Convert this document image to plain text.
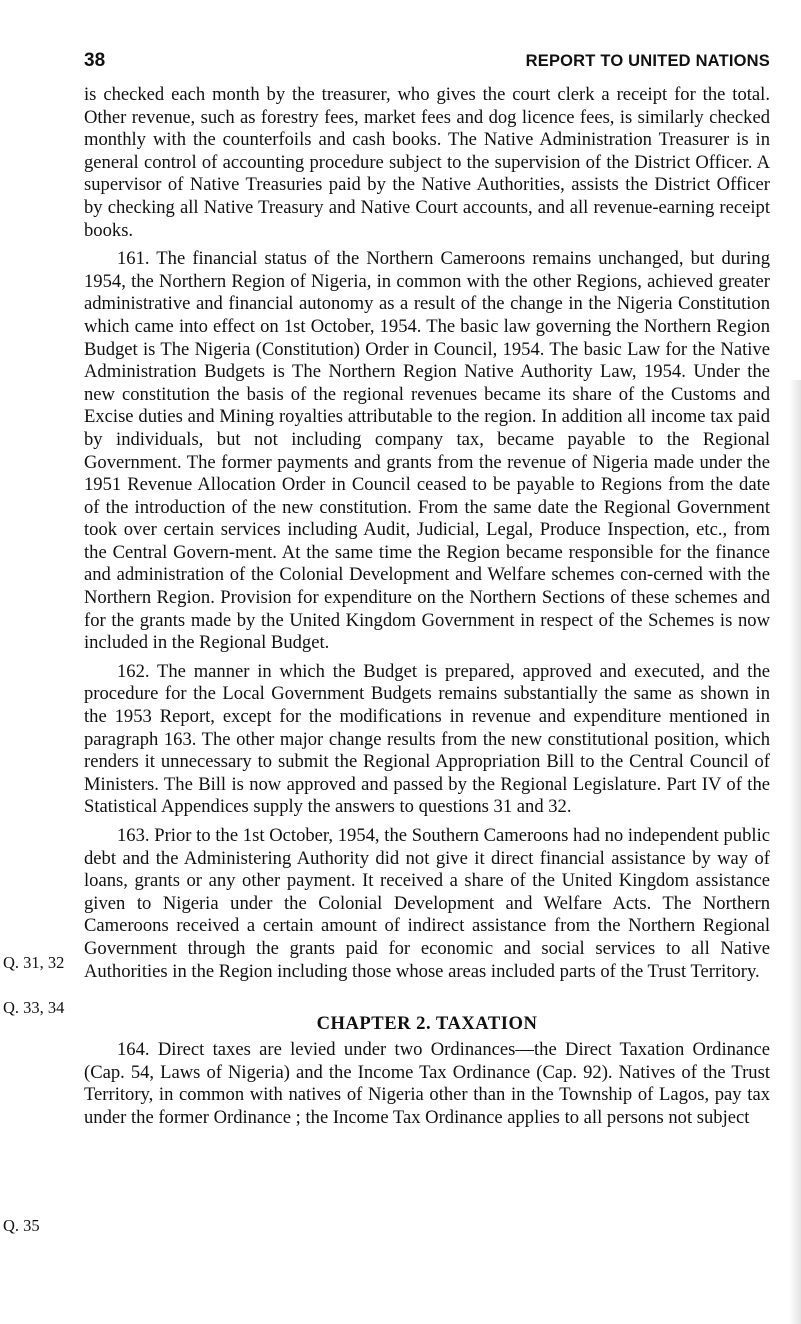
38	REPORT TO UNITED NATIONS
Q. 31, 32
Q. 33, 34
Q. 35

is checked each month by the treasurer, who gives the court clerk a receipt for the total. Other revenue, such as forestry fees, market fees and dog licence fees, is similarly checked monthly with the counterfoils and cash books. The Native Administration Treasurer is in general control of accounting procedure subject to the supervision of the District Officer. A supervisor of Native Treasuries paid by the Native Authorities, assists the District Officer by checking all Native Treasury and Native Court accounts, and all revenue-earning receipt books.

161. The financial status of the Northern Cameroons remains unchanged, but during 1954, the Northern Region of Nigeria, in common with the other Regions, achieved greater administrative and financial autonomy as a result of the change in the Nigeria Constitution which came into effect on 1st October, 1954. The basic law governing the Northern Region Budget is The Nigeria (Constitution) Order in Council, 1954. The basic Law for the Native Administration Budgets is The Northern Region Native Authority Law, 1954. Under the new constitution the basis of the regional revenues became its share of the Customs and Excise duties and Mining royalties attributable to the region. In addition all income tax paid by individuals, but not including company tax, became payable to the Regional Government. The former payments and grants from the revenue of Nigeria made under the 1951 Revenue Allocation Order in Council ceased to be payable to Regions from the date of the introduction of the new constitution. From the same date the Regional Government took over certain services including Audit, Judicial, Legal, Produce Inspection, etc., from the Central Govern-ment. At the same time the Region became responsible for the finance and administration of the Colonial Development and Welfare schemes con-cerned with the Northern Region. Provision for expenditure on the Northern Sections of these schemes and for the grants made by the United Kingdom Government in respect of the Schemes is now included in the Regional Budget.

162. The manner in which the Budget is prepared, approved and executed, and the procedure for the Local Government Budgets remains substantially the same as shown in the 1953 Report, except for the modifications in revenue and expenditure mentioned in paragraph 163. The other major change results from the new constitutional position, which renders it unnecessary to submit the Regional Appropriation Bill to the Central Council of Ministers. The Bill is now approved and passed by the Regional Legislature. Part IV of the Statistical Appendices supply the answers to questions 31 and 32.

163. Prior to the 1st October, 1954, the Southern Cameroons had no independent public debt and the Administering Authority did not give it direct financial assistance by way of loans, grants or any other payment. It received a share of the United Kingdom assistance given to Nigeria under the Colonial Development and Welfare Acts. The Northern Cameroons received a certain amount of indirect assistance from the Northern Regional Government through the grants paid for economic and social services to all Native Authorities in the Region including those whose areas included parts of the Trust Territory.

CHAPTER 2. TAXATION

164. Direct taxes are levied under two Ordinances—the Direct Taxation Ordinance (Cap. 54, Laws of Nigeria) and the Income Tax Ordinance (Cap. 92). Natives of the Trust Territory, in common with natives of Nigeria other than in the Township of Lagos, pay tax under the former Ordinance ; the Income Tax Ordinance applies to all persons not subject
